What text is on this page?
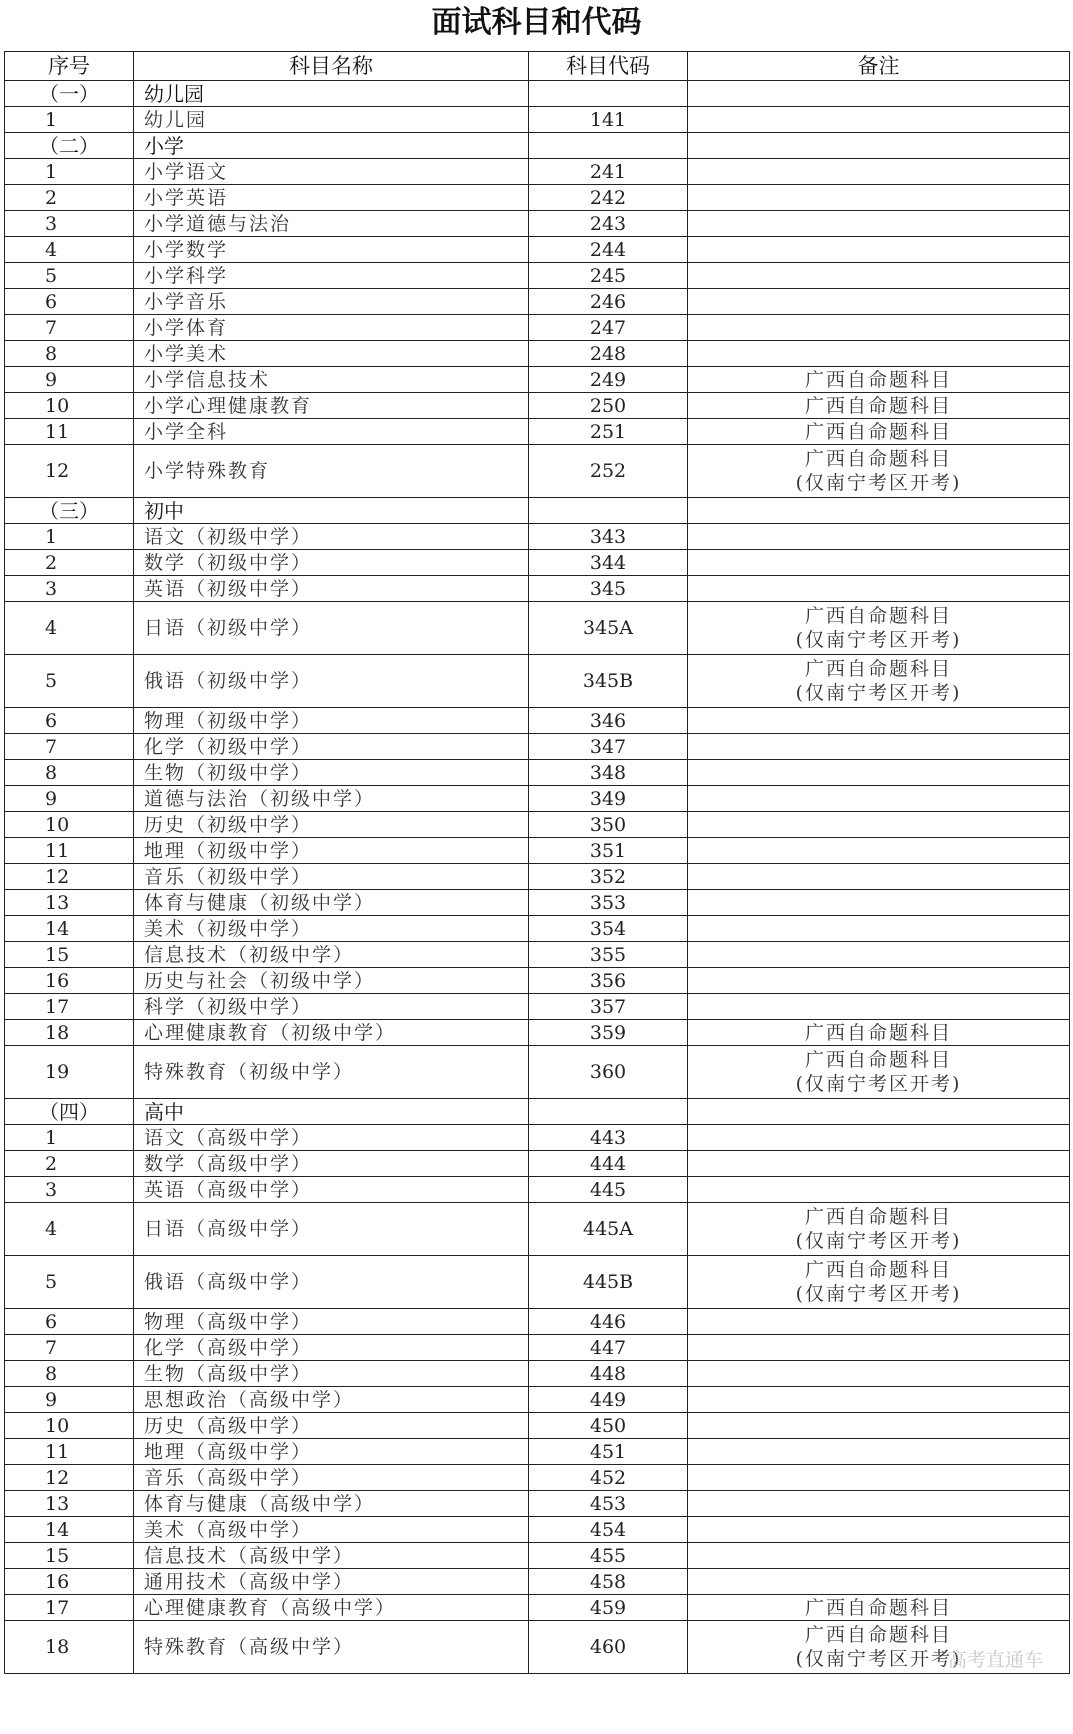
面试科目和代码
序号	科目名称	科目代码	备注
（一）	幼儿园		
1	幼儿园	141	
（二）	小学		
1	小学语文	241	
2	小学英语	242	
3	小学道德与法治	243	
4	小学数学	244	
5	小学科学	245	
6	小学音乐	246	
7	小学体育	247	
8	小学美术	248	
9	小学信息技术	249	广西自命题科目

10	小学心理健康教育	250	广西自命题科目

11	小学全科	251	广西自命题科目

12	小学特殊教育	252	广西自命题科目
(仅南宁考区开考)

（三）	初中		
1	语文（初级中学）	343	
2	数学（初级中学）	344	
3	英语（初级中学）	345	
4	日语（初级中学）	345A	广西自命题科目
(仅南宁考区开考)

5	俄语（初级中学）	345B	广西自命题科目
(仅南宁考区开考)

6	物理（初级中学）	346	
7	化学（初级中学）	347	
8	生物（初级中学）	348	
9	道德与法治（初级中学）	349	
10	历史（初级中学）	350	
11	地理（初级中学）	351	
12	音乐（初级中学）	352	
13	体育与健康（初级中学）	353	
14	美术（初级中学）	354	
15	信息技术（初级中学）	355	
16	历史与社会（初级中学）	356	
17	科学（初级中学）	357	
18	心理健康教育（初级中学）	359	广西自命题科目

19	特殊教育（初级中学）	360	广西自命题科目
(仅南宁考区开考)

（四）	高中		
1	语文（高级中学）	443	
2	数学（高级中学）	444	
3	英语（高级中学）	445	
4	日语（高级中学）	445A	广西自命题科目
(仅南宁考区开考)

5	俄语（高级中学）	445B	广西自命题科目
(仅南宁考区开考)

6	物理（高级中学）	446	
7	化学（高级中学）	447	
8	生物（高级中学）	448	
9	思想政治（高级中学）	449	
10	历史（高级中学）	450	
11	地理（高级中学）	451	
12	音乐（高级中学）	452	
13	体育与健康（高级中学）	453	
14	美术（高级中学）	454	
15	信息技术（高级中学）	455	
16	通用技术（高级中学）	458	
17	心理健康教育（高级中学）	459	广西自命题科目

18	特殊教育（高级中学）	460	广西自命题科目
(仅南宁考区开考)
高考直通车
